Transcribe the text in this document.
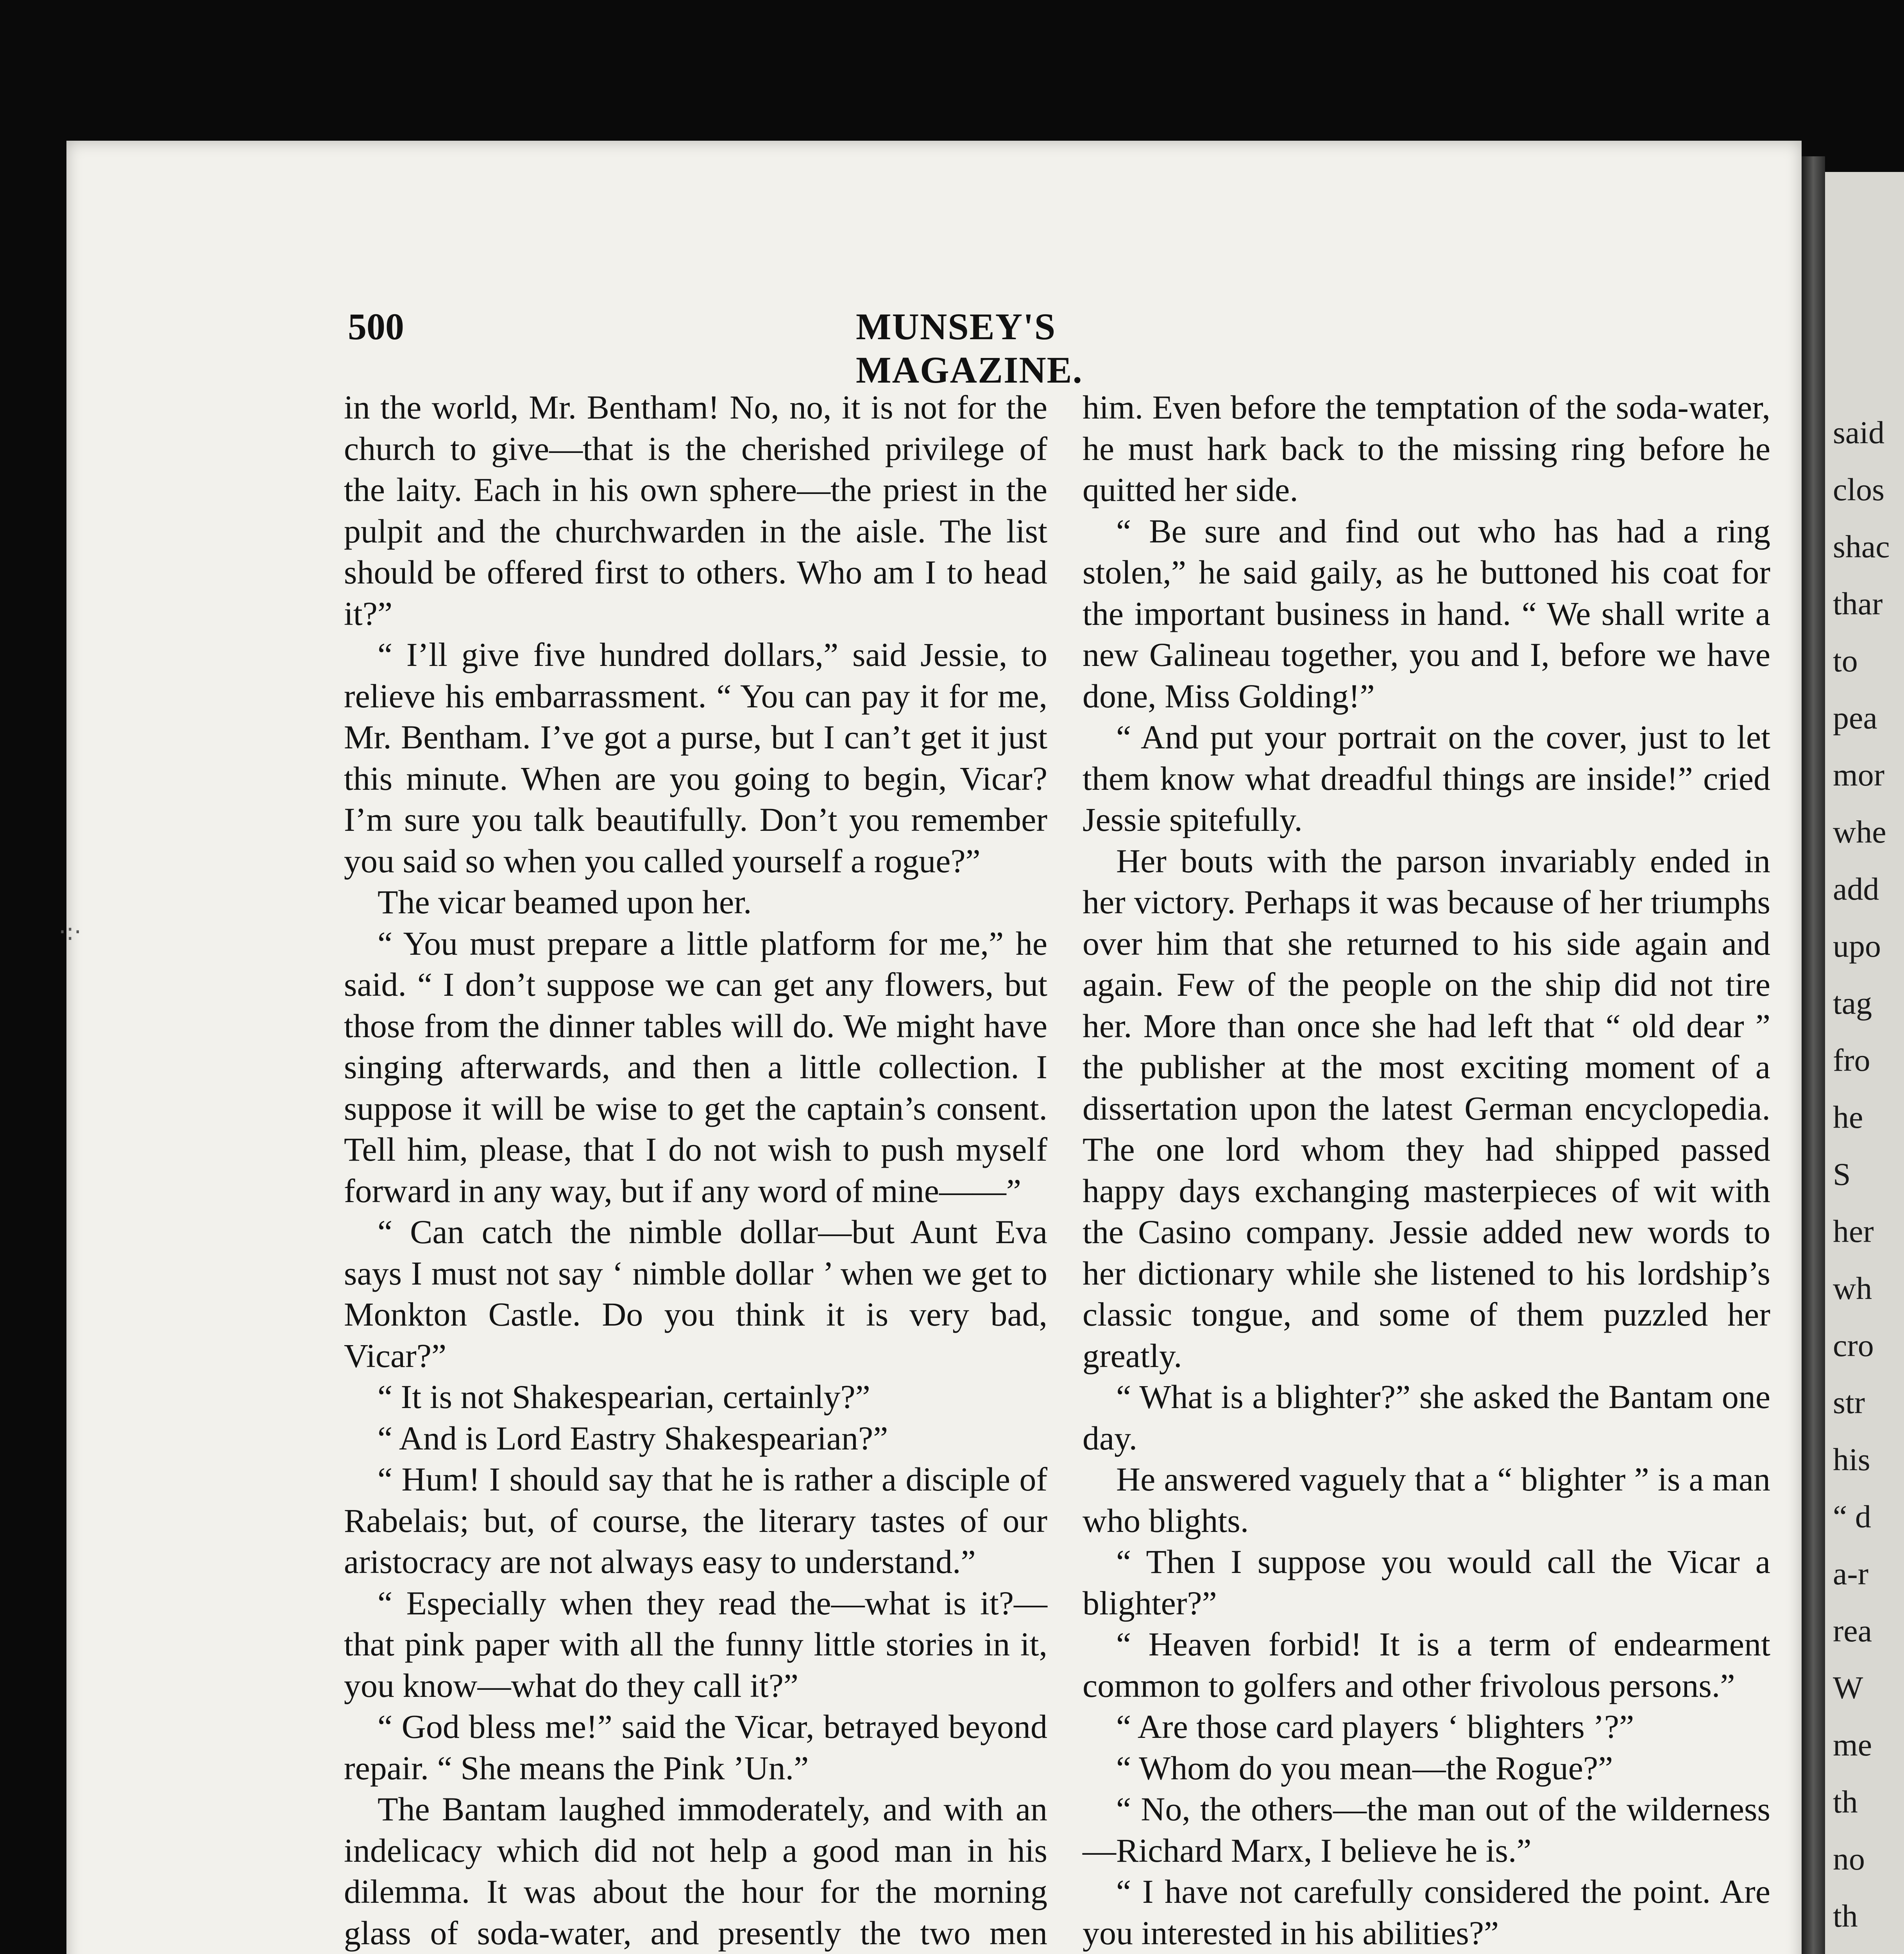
said
clos
shac
thar
to
pea
mor
whe
add
upo
tag
fro
he
S
her
wh
cro
str
his
“ d
a-r
rea
W
me
th
no
th
500	MUNSEY'S MAGAZINE.

in the world, Mr. Bentham! No, no, it is not for the church to give—that is the cherished privilege of the laity. Each in his own sphere—the priest in the pulpit and the churchwarden in the aisle. The list should be offered first to others. Who am I to head it?”

“ I’ll give five hundred dollars,” said Jessie, to relieve his embarrassment. “ You can pay it for me, Mr. Bentham. I’ve got a purse, but I can’t get it just this minute. When are you going to begin, Vicar? I’m sure you talk beautifully. Don’t you remember you said so when you called yourself a rogue?”

The vicar beamed upon her.

“ You must prepare a little platform for me,” he said. “ I don’t suppose we can get any flowers, but those from the dinner tables will do. We might have singing afterwards, and then a little collection. I suppose it will be wise to get the captain’s consent. Tell him, please, that I do not wish to push myself forward in any way, but if any word of mine——”

“ Can catch the nimble dollar—but Aunt Eva says I must not say ‘ nimble dollar ’ when we get to Monkton Castle. Do you think it is very bad, Vicar?”

“ It is not Shakespearian, certainly?”

“ And is Lord Eastry Shakespearian?”

“ Hum! I should say that he is rather a disciple of Rabelais; but, of course, the literary tastes of our aristocracy are not always easy to understand.”

“ Especially when they read the—what is it?—that pink paper with all the funny little stories in it, you know—what do they call it?”

“ God bless me!” said the Vicar, betrayed beyond repair. “ She means the Pink ’Un.”

The Bantam laughed immoderately, and with an indelicacy which did not help a good man in his dilemma. It was about the hour for the morning glass of soda-water, and presently the two men

him. Even before the temptation of the soda-water, he must hark back to the missing ring before he quitted her side.

“ Be sure and find out who has had a ring stolen,” he said gaily, as he buttoned his coat for the important business in hand. “ We shall write a new Galineau together, you and I, before we have done, Miss Golding!”

“ And put your portrait on the cover, just to let them know what dreadful things are inside!” cried Jessie spitefully.

Her bouts with the parson invariably ended in her victory. Perhaps it was because of her triumphs over him that she returned to his side again and again. Few of the people on the ship did not tire her. More than once she had left that “ old dear ” the publisher at the most exciting moment of a dissertation upon the latest German encyclopedia. The one lord whom they had shipped passed happy days exchanging masterpieces of wit with the Casino company. Jessie added new words to her dictionary while she listened to his lordship’s classic tongue, and some of them puzzled her greatly.

“ What is a blighter?” she asked the Bantam one day.

He answered vaguely that a “ blighter ” is a man who blights.

“ Then I suppose you would call the Vicar a blighter?”

“ Heaven forbid! It is a term of endearment common to golfers and other frivolous persons.”

“ Are those card players ‘ blighters ’?”

“ Whom do you mean—the Rogue?”

“ No, the others—the man out of the wilderness—Richard Marx, I believe he is.”

“ I have not carefully considered the point. Are you interested in his abilities?”

·:·
